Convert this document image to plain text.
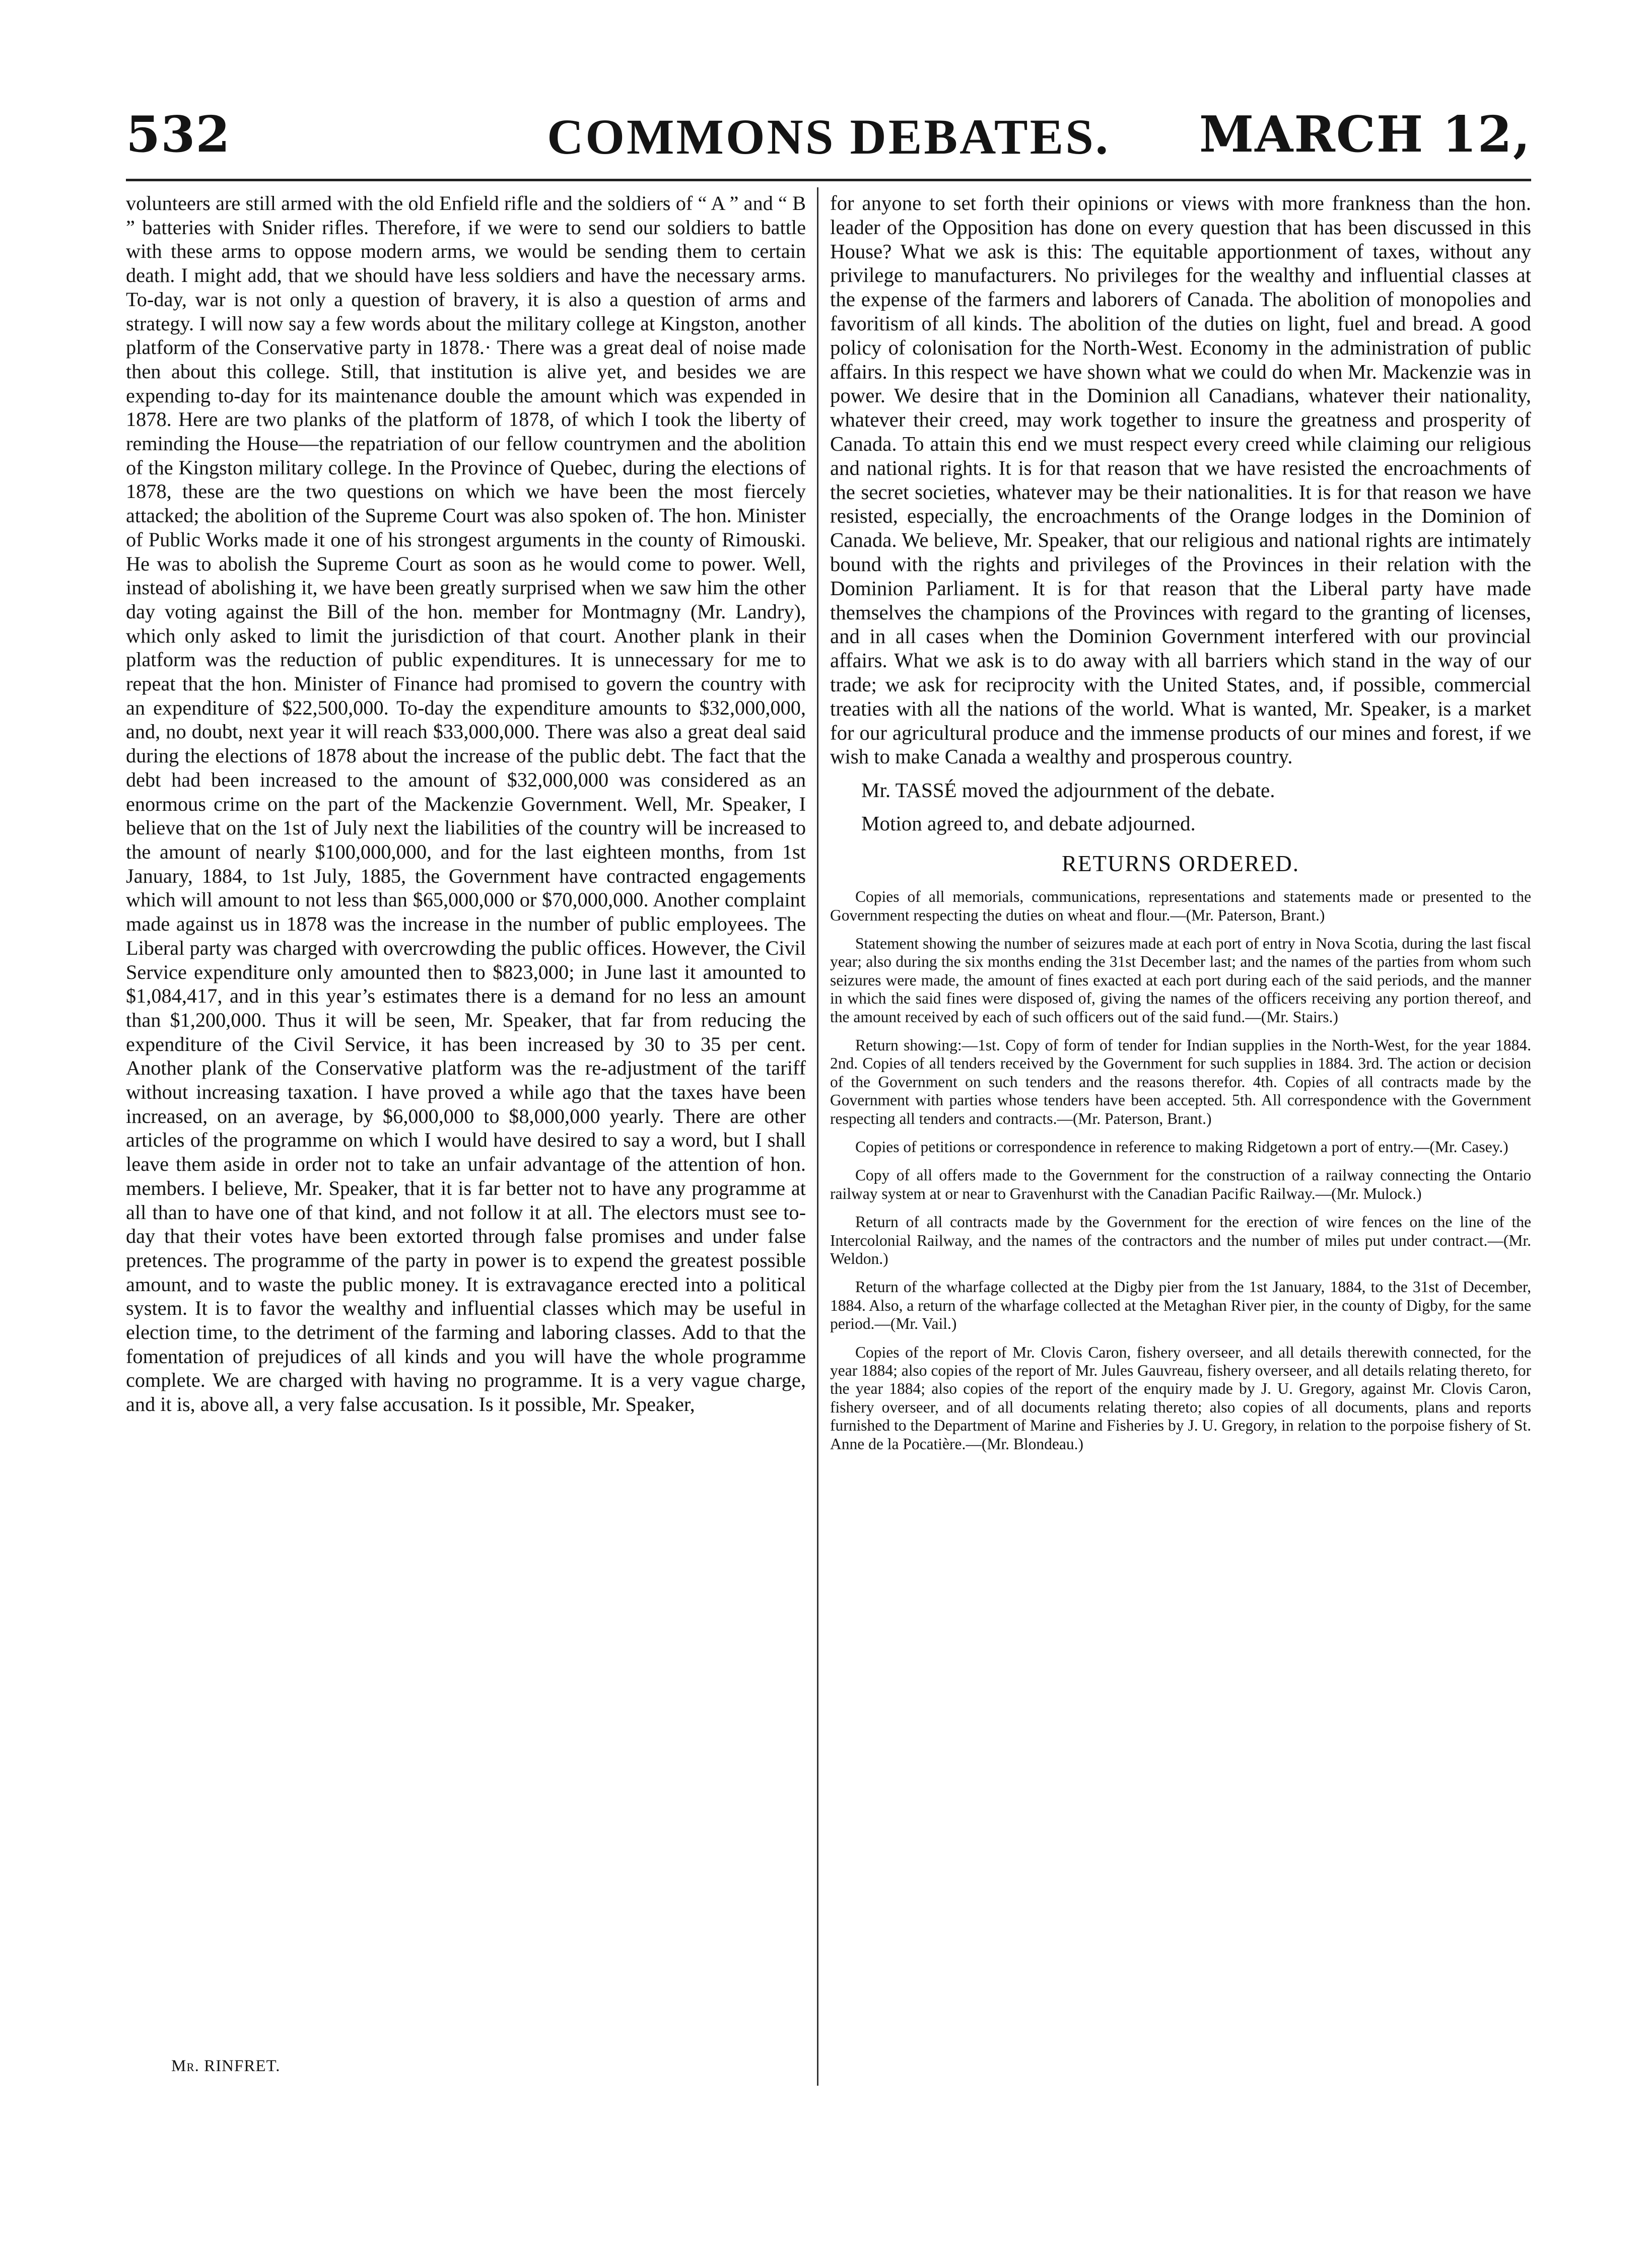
532	COMMONS DEBATES.	MARCH 12,

volunteers are still armed with the old Enfield rifle and the soldiers of “ A ” and “ B ” batteries with Snider rifles. Therefore, if we were to send our soldiers to battle with these arms to oppose modern arms, we would be sending them to certain death. I might add, that we should have less soldiers and have the necessary arms. To-day, war is not only a question of bravery, it is also a question of arms and strategy. I will now say a few words about the military college at Kingston, another platform of the Conservative party in 1878.· There was a great deal of noise made then about this college. Still, that institution is alive yet, and besides we are expending to-day for its maintenance double the amount which was expended in 1878. Here are two planks of the platform of 1878, of which I took the liberty of reminding the House—the repatriation of our fellow countrymen and the abolition of the Kingston military college. In the Province of Quebec, during the elections of 1878, these are the two questions on which we have been the most fiercely attacked; the abolition of the Supreme Court was also spoken of. The hon. Minister of Public Works made it one of his strongest arguments in the county of Rimouski. He was to abolish the Supreme Court as soon as he would come to power. Well, instead of abolishing it, we have been greatly surprised when we saw him the other day voting against the Bill of the hon. member for Montmagny (Mr. Landry), which only asked to limit the jurisdiction of that court. Another plank in their platform was the reduction of public expenditures. It is unnecessary for me to repeat that the hon. Minister of Finance had promised to govern the country with an expenditure of $22,500,000. To-day the expenditure amounts to $32,000,000, and, no doubt, next year it will reach $33,000,000. There was also a great deal said during the elections of 1878 about the increase of the public debt. The fact that the debt had been increased to the amount of $32,000,000 was considered as an enormous crime on the part of the Mackenzie Government. Well, Mr. Speaker, I believe that on the 1st of July next the liabilities of the country will be increased to the amount of nearly $100,000,000, and for the last eighteen months, from 1st January, 1884, to 1st July, 1885, the Government have contracted engagements which will amount to not less than $65,000,000 or $70,000,000. Another complaint made against us in 1878 was the increase in the number of public employees. The Liberal party was charged with overcrowding the public offices. However, the Civil Service expenditure only amounted then to $823,000; in June last it amounted to $1,084,417, and in this year’s estimates there is a demand for no less an amount than $1,200,000. Thus it will be seen, Mr. Speaker, that far from reducing the expenditure of the Civil Service, it has been increased by 30 to 35 per cent. Another plank of the Conservative platform was the re-adjustment of the tariff without increasing taxation. I have proved a while ago that the taxes have been increased, on an average, by $6,000,000 to $8,000,000 yearly. There are other articles of the programme on which I would have desired to say a word, but I shall leave them aside in order not to take an unfair advantage of the attention of hon. members. I believe, Mr. Speaker, that it is far better not to have any programme at all than to have one of that kind, and not follow it at all. The electors must see to-day that their votes have been extorted through false promises and under false pretences. The programme of the party in power is to expend the greatest possible amount, and to waste the public money. It is extravagance erected into a political system. It is to favor the wealthy and influential classes which may be useful in election time, to the detriment of the farming and laboring classes. Add to that the fomentation of prejudices of all kinds and you will have the whole programme complete. We are charged with having no programme. It is a very vague charge, and it is, above all, a very false accusation. Is it possible, Mr. Speaker,

Mr. RINFRET.

for anyone to set forth their opinions or views with more frankness than the hon. leader of the Opposition has done on every question that has been discussed in this House? What we ask is this: The equitable apportionment of taxes, without any privilege to manufacturers. No privileges for the wealthy and influential classes at the expense of the farmers and laborers of Canada. The abolition of monopolies and favoritism of all kinds. The abolition of the duties on light, fuel and bread. A good policy of colonisation for the North-West. Economy in the administration of public affairs. In this respect we have shown what we could do when Mr. Mackenzie was in power. We desire that in the Dominion all Canadians, whatever their nationality, whatever their creed, may work together to insure the greatness and prosperity of Canada. To attain this end we must respect every creed while claiming our religious and national rights. It is for that reason that we have resisted the encroachments of the secret societies, whatever may be their nationalities. It is for that reason we have resisted, especially, the encroachments of the Orange lodges in the Dominion of Canada. We believe, Mr. Speaker, that our religious and national rights are intimately bound with the rights and privileges of the Provinces in their relation with the Dominion Parliament. It is for that reason that the Liberal party have made themselves the champions of the Provinces with regard to the granting of licenses, and in all cases when the Dominion Government interfered with our provincial affairs. What we ask is to do away with all barriers which stand in the way of our trade; we ask for reciprocity with the United States, and, if possible, commercial treaties with all the nations of the world. What is wanted, Mr. Speaker, is a market for our agricultural produce and the immense products of our mines and forest, if we wish to make Canada a wealthy and prosperous country.

Mr. TASSÉ moved the adjournment of the debate.

Motion agreed to, and debate adjourned.

RETURNS ORDERED.

Copies of all memorials, communications, representations and statements made or presented to the Government respecting the duties on wheat and flour.—(Mr. Paterson, Brant.)

Statement showing the number of seizures made at each port of entry in Nova Scotia, during the last fiscal year; also during the six months ending the 31st December last; and the names of the parties from whom such seizures were made, the amount of fines exacted at each port during each of the said periods, and the manner in which the said fines were disposed of, giving the names of the officers receiving any portion thereof, and the amount received by each of such officers out of the said fund.—(Mr. Stairs.)

Return showing:—1st. Copy of form of tender for Indian supplies in the North-West, for the year 1884. 2nd. Copies of all tenders received by the Government for such supplies in 1884. 3rd. The action or decision of the Government on such tenders and the reasons therefor. 4th. Copies of all contracts made by the Government with parties whose tenders have been accepted. 5th. All correspondence with the Government respecting all tenders and contracts.—(Mr. Paterson, Brant.)

Copies of petitions or correspondence in reference to making Ridgetown a port of entry.—(Mr. Casey.)

Copy of all offers made to the Government for the construction of a railway connecting the Ontario railway system at or near to Gravenhurst with the Canadian Pacific Railway.—(Mr. Mulock.)

Return of all contracts made by the Government for the erection of wire fences on the line of the Intercolonial Railway, and the names of the contractors and the number of miles put under contract.—(Mr. Weldon.)

Return of the wharfage collected at the Digby pier from the 1st January, 1884, to the 31st of December, 1884. Also, a return of the wharfage collected at the Metaghan River pier, in the county of Digby, for the same period.—(Mr. Vail.)

Copies of the report of Mr. Clovis Caron, fishery overseer, and all details therewith connected, for the year 1884; also copies of the report of Mr. Jules Gauvreau, fishery overseer, and all details relating thereto, for the year 1884; also copies of the report of the enquiry made by J. U. Gregory, against Mr. Clovis Caron, fishery overseer, and of all documents relating thereto; also copies of all documents, plans and reports furnished to the Department of Marine and Fisheries by J. U. Gregory, in relation to the porpoise fishery of St. Anne de la Pocatière.—(Mr. Blondeau.)
